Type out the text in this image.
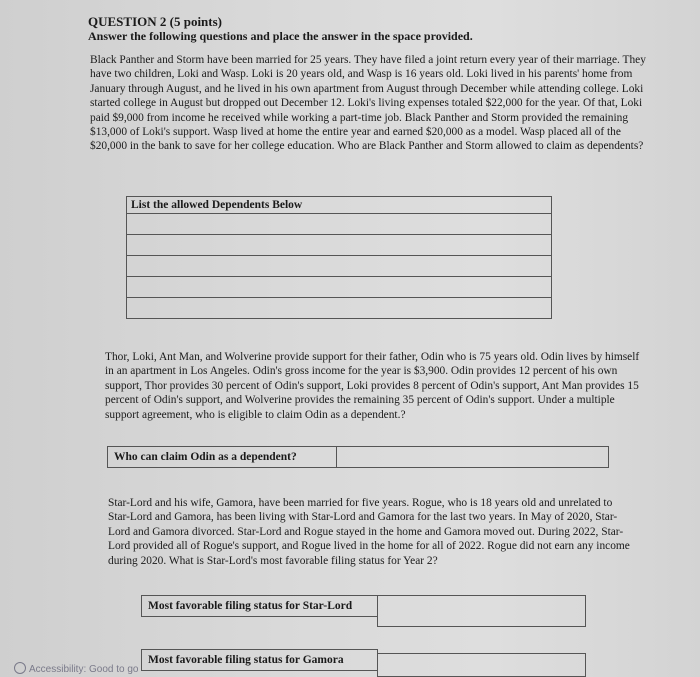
QUESTION 2 (5 points)
Answer the following questions and place the answer in the space provided.

Black Panther and Storm have been married for 25 years. They have filed a joint return every year of their marriage. They have two children, Loki and Wasp. Loki is 20 years old, and Wasp is 16 years old. Loki lived in his parents' home from January through August, and he lived in his own apartment from August through December while attending college. Loki started college in August but dropped out December 12. Loki's living expenses totaled $22,000 for the year. Of that, Loki paid $9,000 from income he received while working a part-time job. Black Panther and Storm provided the remaining $13,000 of Loki's support. Wasp lived at home the entire year and earned $20,000 as a model. Wasp placed all of the $20,000 in the bank to save for her college education. Who are Black Panther and Storm allowed to claim as dependents?

List the allowed Dependents Below

Thor, Loki, Ant Man, and Wolverine provide support for their father, Odin who is 75 years old. Odin lives by himself in an apartment in Los Angeles. Odin's gross income for the year is $3,900. Odin provides 12 percent of his own support, Thor provides 30 percent of Odin's support, Loki provides 8 percent of Odin's support, Ant Man provides 15 percent of Odin's support, and Wolverine provides the remaining 35 percent of Odin's support. Under a multiple support agreement, who is eligible to claim Odin as a dependent.?

Who can claim Odin as a dependent?

Star-Lord and his wife, Gamora, have been married for five years. Rogue, who is 18 years old and unrelated to Star-Lord and Gamora, has been living with Star-Lord and Gamora for the last two years. In May of 2020, Star-Lord and Gamora divorced. Star-Lord and Rogue stayed in the home and Gamora moved out. During 2022, Star-Lord provided all of Rogue's support, and Rogue lived in the home for all of 2022. Rogue did not earn any income during 2020. What is Star-Lord's most favorable filing status for Year 2?

Most favorable filing status for Star-Lord
Most favorable filing status for Gamora
Accessibility: Good to go
